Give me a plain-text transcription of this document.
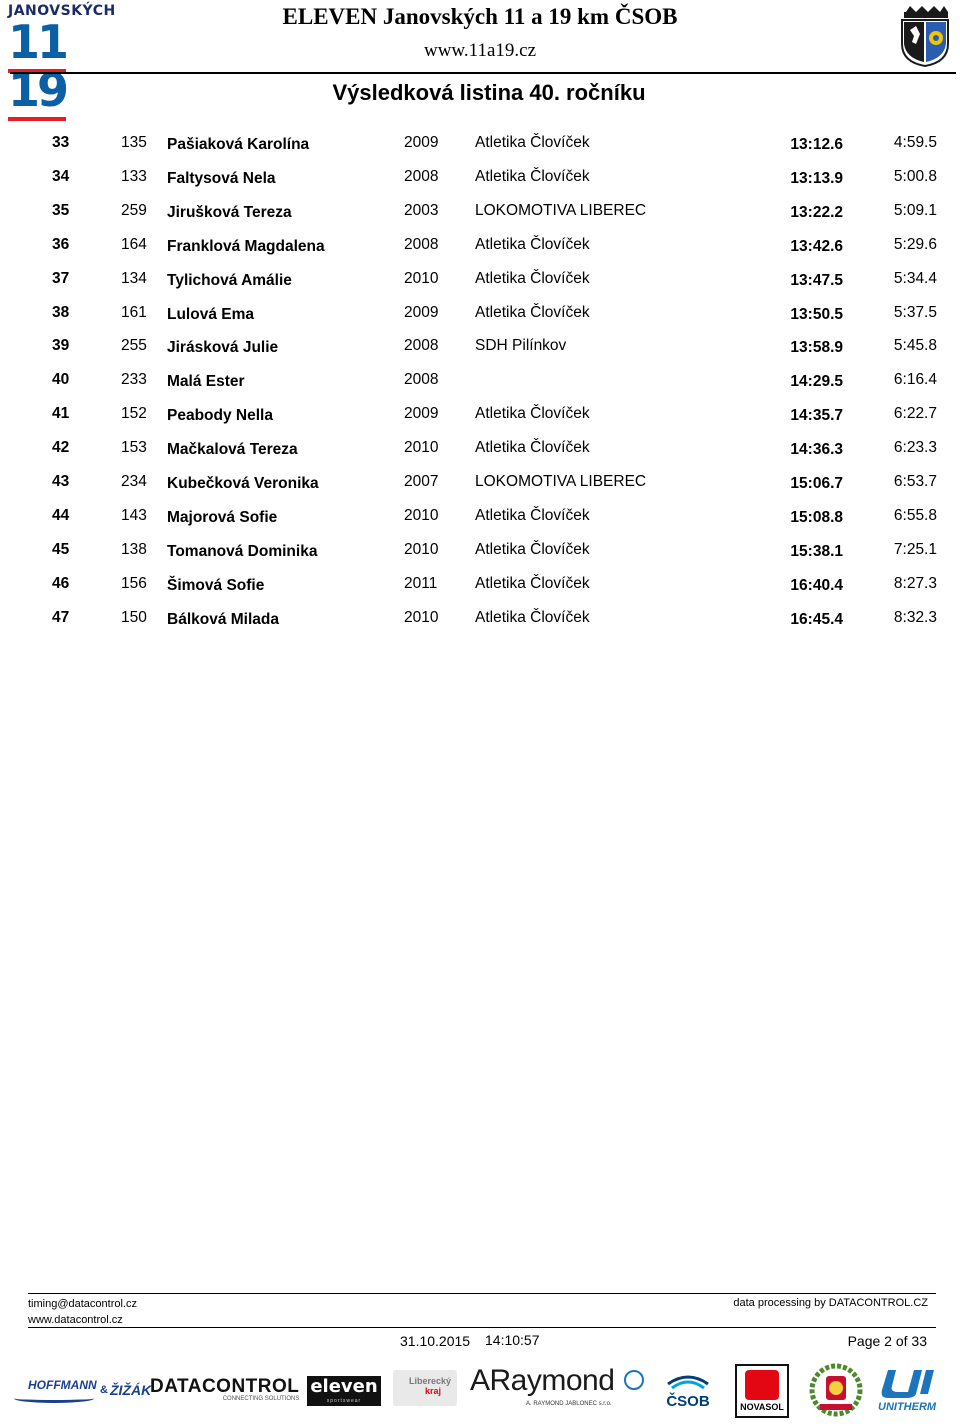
JANOVSKÝCH
11 19
ELEVEN Janovských 11 a 19 km ČSOB
www.11a19.cz
Výsledková listina 40. ročníku
33	135 Pašiaková Karolína	2009 Atletika Človíček	13:12.6	4:59.5
34	133 Faltysová Nela	2008 Atletika Človíček	13:13.9	5:00.8
35	259 Jirušková Tereza	2003 LOKOMOTIVA LIBEREC	13:22.2	5:09.1
36	164 Franklová Magdalena	2008 Atletika Človíček	13:42.6	5:29.6
37	134 Tylichová Amálie	2010 Atletika Človíček	13:47.5	5:34.4
38	161 Lulová Ema	2009 Atletika Človíček	13:50.5	5:37.5
39	255 Jirásková Julie	2008 SDH Pilínkov	13:58.9	5:45.8
40	233 Malá Ester	2008	14:29.5	6:16.4
41	152 Peabody Nella	2009 Atletika Človíček	14:35.7	6:22.7
42	153 Mačkalová Tereza	2010 Atletika Človíček	14:36.3	6:23.3
43	234 Kubečková Veronika	2007 LOKOMOTIVA LIBEREC	15:06.7	6:53.7
44	143 Majorová Sofie	2010 Atletika Človíček	15:08.8	6:55.8
45	138 Tomanová Dominika	2010 Atletika Človíček	15:38.1	7:25.1
46	156 Šimová Sofie	2011 Atletika Človíček	16:40.4	8:27.3
47	150 Bálková Milada	2010 Atletika Človíček	16:45.4	8:32.3
timing@datacontrol.cz
www.datacontrol.cz
data processing by DATACONTROL.CZ
31.10.2015 14:10:57	Page 2 of 33
HOFFMANN & ŽIŽÁK
DATACONTROL
CONNECTING SOLUTIONS
eleven
sportswear
Liberecký
kraj ARaymond
A. RAYMOND JABLONEC s.r.o.	ČSOB	NOVASOL	UNITHERM
